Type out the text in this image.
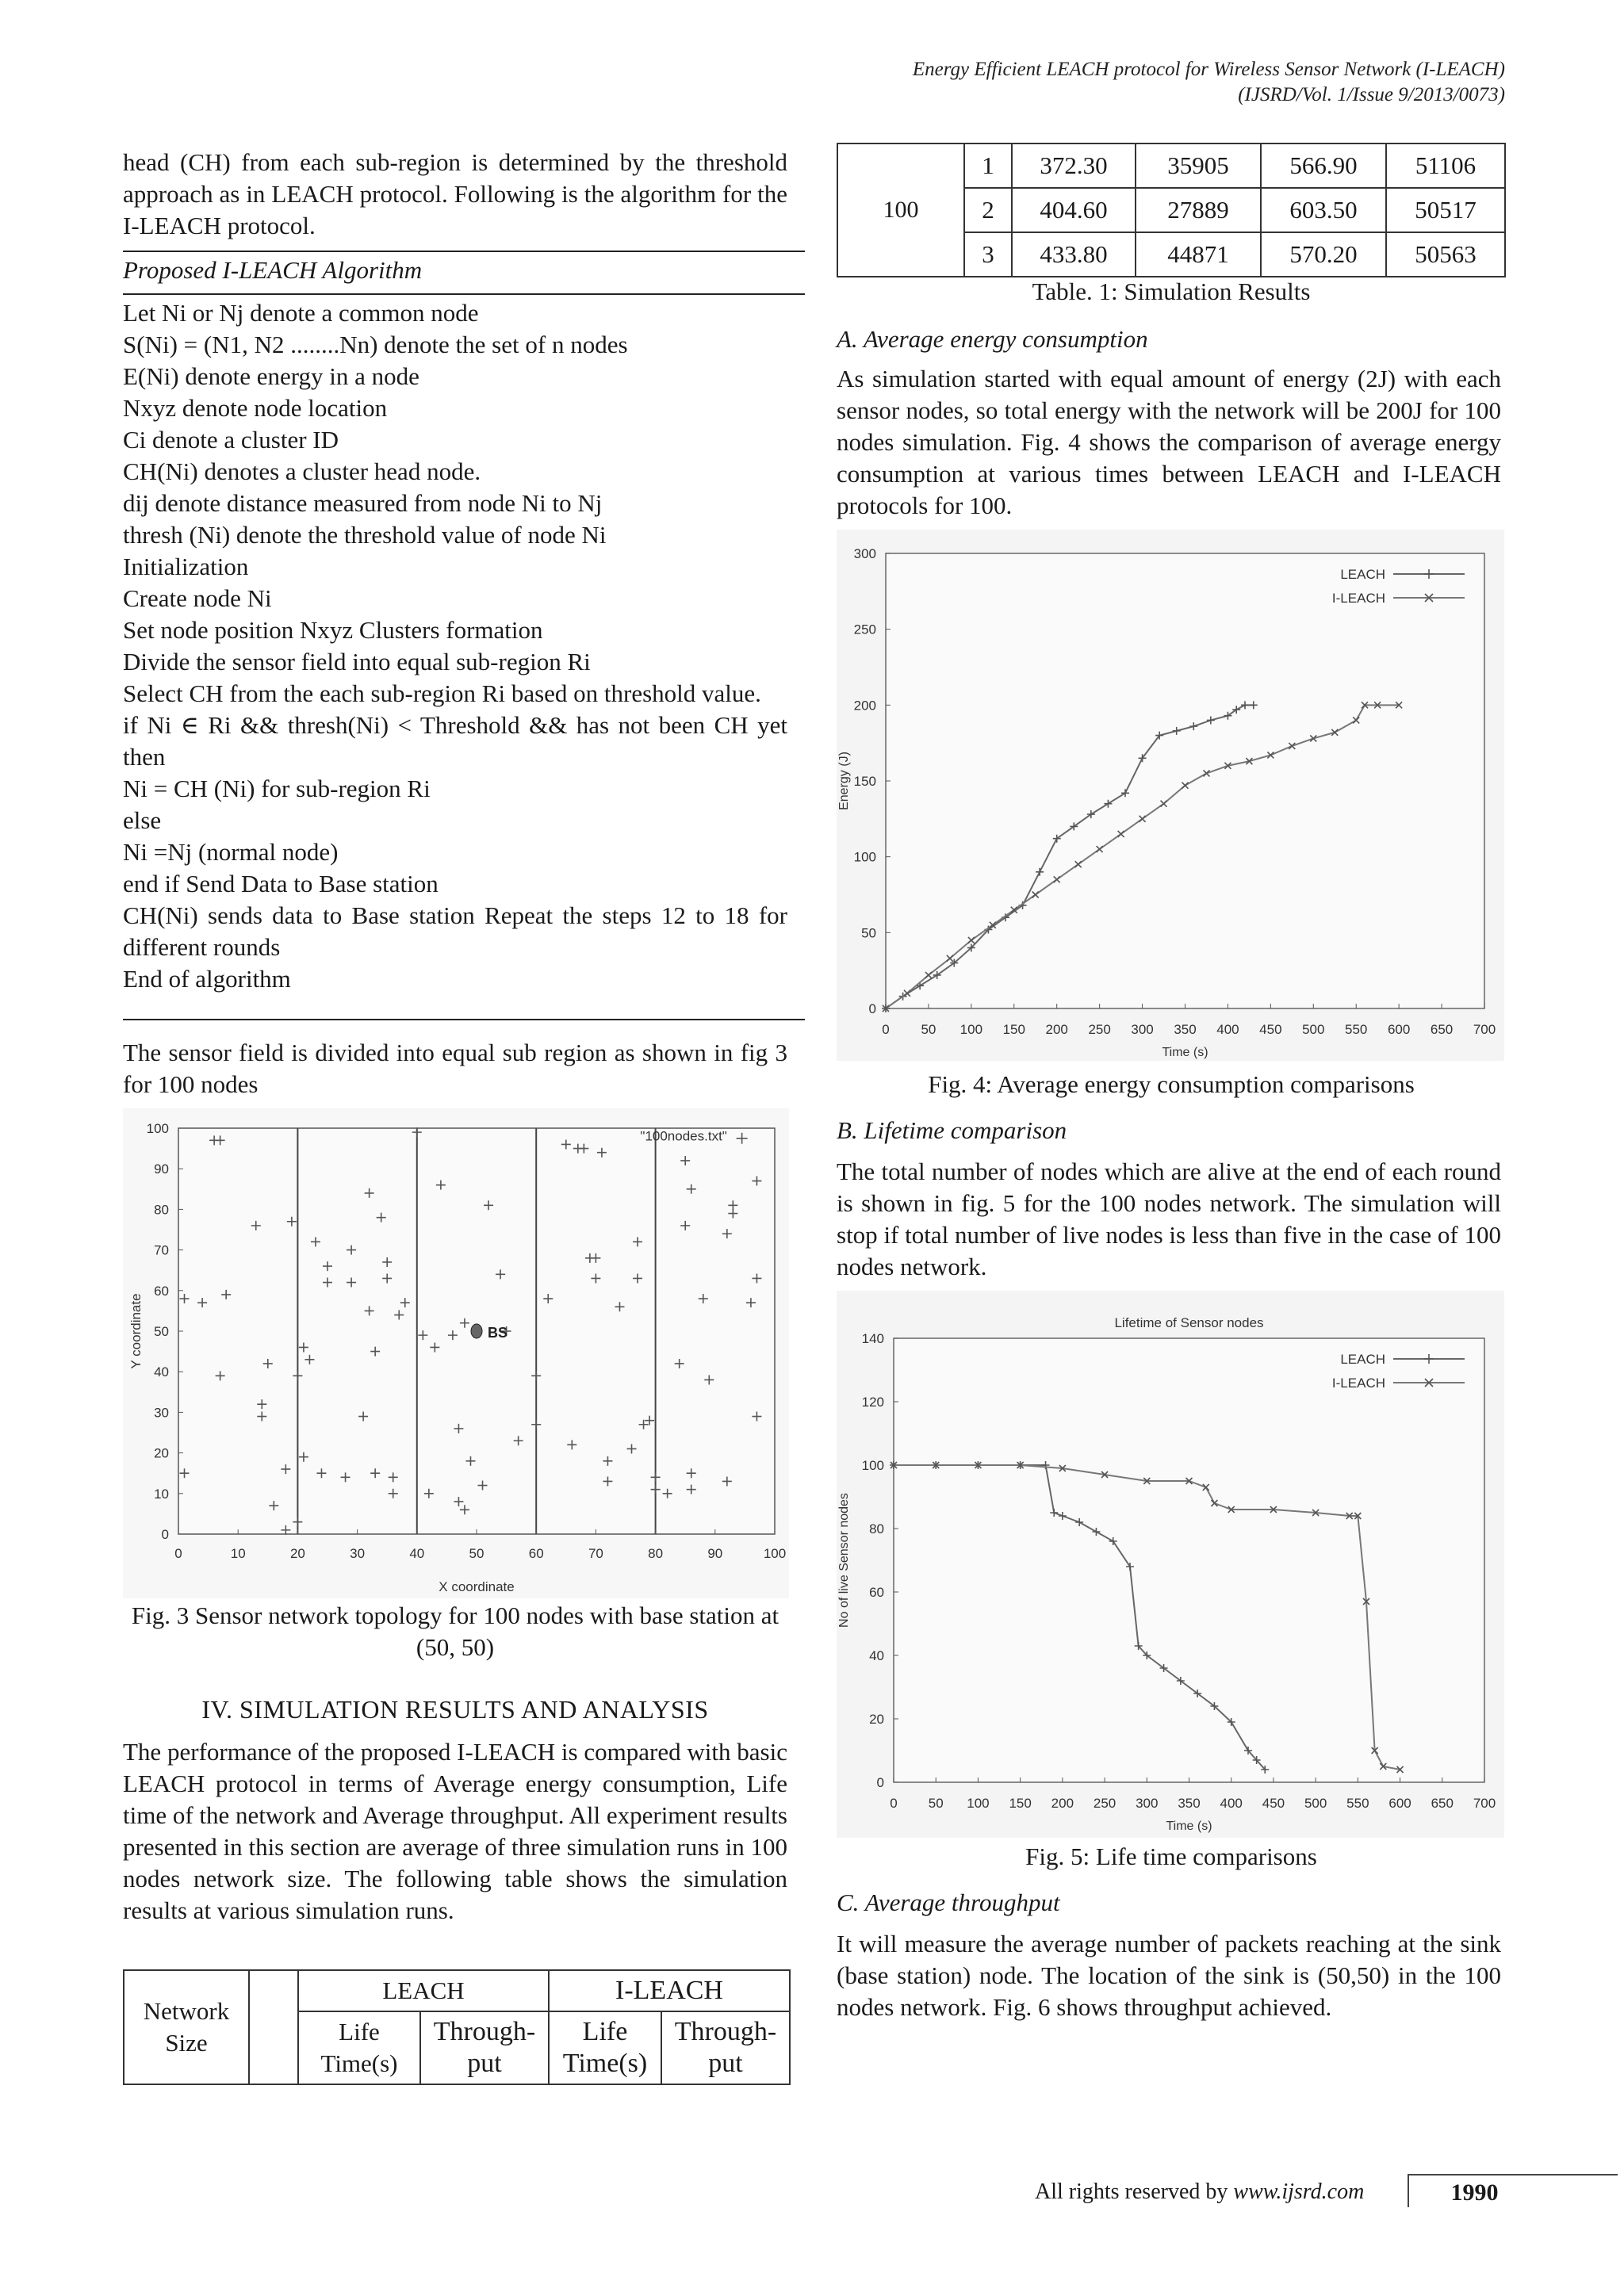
Energy Efficient LEACH protocol for Wireless Sensor Network (I-LEACH)
(IJSRD/Vol. 1/Issue 9/2013/0073)

head (CH) from each sub-region is determined by the threshold approach as in LEACH protocol. Following is the algorithm for the I-LEACH protocol.

Proposed I-LEACH Algorithm
Let Ni or Nj denote a common node
S(Ni) = (N1, N2 ........Nn) denote the set of n nodes
E(Ni) denote energy in a node
Nxyz denote node location
Ci denote a cluster ID
CH(Ni) denotes a cluster head node.
dij denote distance measured from node Ni to Nj
thresh (Ni) denote the threshold value of node Ni
Initialization
Create node Ni
Set node position Nxyz Clusters formation
Divide the sensor field into equal sub-region Ri
Select CH from the each sub-region Ri based on threshold value.
if Ni ∈ Ri && thresh(Ni) < Threshold && has not been CH yet then
Ni = CH (Ni) for sub-region Ri
else
Ni =Nj (normal node)
end if Send Data to Base station
CH(Ni) sends data to Base station Repeat the steps 12 to 18 for different rounds
End of algorithm
The sensor field is divided into equal sub region as shown in fig 3 for 100 nodes
0	10	20	30	40	50	60	70	80	90	100
0
10
20
30
40
50
60
70
80
90
100
X coordinate
Y coordinate
"100nodes.txt"
BS
Fig. 3 Sensor network topology for 100 nodes with base station at (50, 50)
IV. SIMULATION RESULTS AND ANALYSIS
The performance of the proposed I-LEACH is compared with basic LEACH protocol in terms of Average energy consumption, Life time of the network and Average throughput. All experiment results presented in this section are average of three simulation runs in 100 nodes network size. The following table shows the simulation results at various simulation runs.
Network Size		LEACH		I-LEACH	
		Life Time(s)	Through-put	Life Time(s)	Through-put
100	1	372.30	35905	566.90	51106
	2	404.60	27889	603.50	50517
	3	433.80	44871	570.20	50563
Table. 1: Simulation Results
A. Average energy consumption
As simulation started with equal amount of energy (2J) with each sensor nodes, so total energy with the network will be 200J for 100 nodes simulation. Fig. 4 shows the comparison of average energy consumption at various times between LEACH and I-LEACH protocols for 100.
0 50 100 150 200 250 300 350 400 450 500 550 600 650 700
0
50
100
150
200
250
300
Time (s)
Energy (J)
LEACH
I-LEACH
Fig. 4: Average energy consumption comparisons
B. Lifetime comparison
The total number of nodes which are alive at the end of each round is shown in fig. 5 for the 100 nodes network. The simulation will stop if total number of live nodes is less than five in the case of 100 nodes network.
Lifetime of Sensor nodes
0 50 100 150 200 250 300 350 400 450 500 550 600 650 700
0
20
40
60
80
100
120
140
Time (s)
No of live Sensor nodes
LEACH
I-LEACH
Fig. 5: Life time comparisons
C. Average throughput
It will measure the average number of packets reaching at the sink (base station) node. The location of the sink is (50,50) in the 100 nodes network. Fig. 6 shows throughput achieved.
All rights reserved by www.ijsrd.com	1990
